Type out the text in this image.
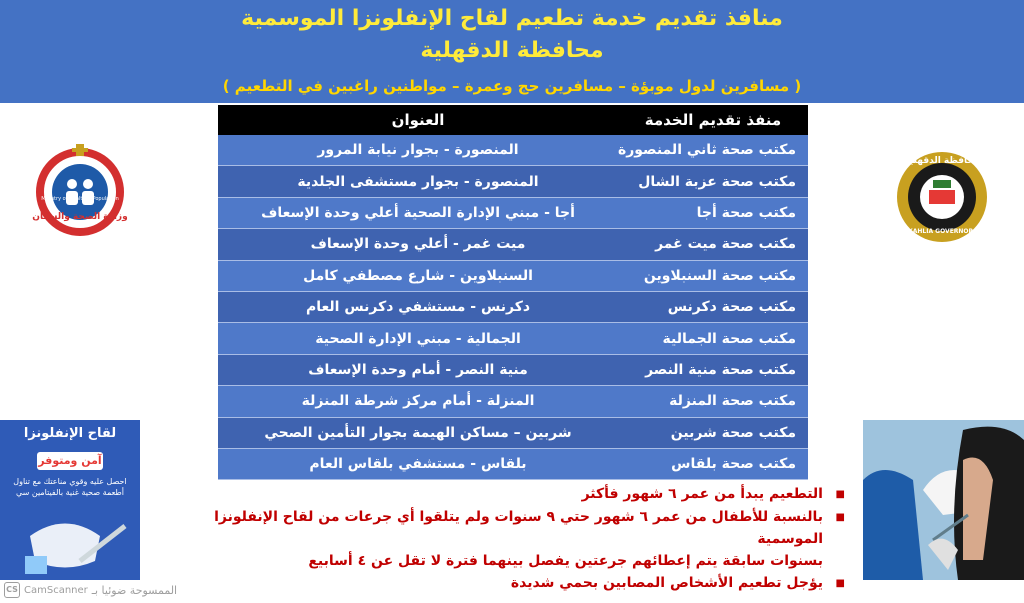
منافذ تقديم خدمة تطعيم لقاح الإنفلونزا الموسمية
محافظة الدقهلية
( مسافرين لدول موبؤة – مسافرين حج وعمرة – مواطنين راغبين في التطعيم )
وزارة الصحة والسكان
Ministry of Health & Population
محافظة الدقهلية
DAKAHLIA GOVERNORATE
منفذ تقديم الخدمة
العنوان
مكتب صحة ثاني المنصورة
المنصورة - بجوار نيابة المرور
مكتب صحة عزبة الشال
المنصورة - بجوار مستشفى الجلدية
مكتب صحة أجا
أجا - مبني الإدارة الصحية أعلي وحدة الإسعاف
مكتب صحة ميت غمر
ميت غمر - أعلي وحدة الإسعاف
مكتب صحة السنبلاوين
السنبلاوين - شارع مصطفي كامل
مكتب صحة دكرنس
دكرنس - مستشفي دكرنس العام
مكتب صحة الجمالية
الجمالية - مبني الإدارة الصحية
مكتب صحة منية النصر
منية النصر - أمام وحدة الإسعاف
مكتب صحة المنزلة
المنزلة - أمام مركز شرطة المنزلة
مكتب صحة شربين
شربين – مساكن الهيمة بجوار التأمين الصحي
مكتب صحة بلقاس
بلقاس - مستشفي بلقاس العام
■
التطعيم يبدأ من عمر ٦ شهور فأكثر
■
بالنسبة للأطفال من عمر ٦ شهور حتي ٩ سنوات ولم يتلقوا أي جرعات من لقاح الإنفلونزا الموسمية
بسنوات سابقة يتم إعطائهم جرعتين يفصل بينهما فترة لا تقل عن ٤ أسابيع
■
يؤجل تطعيم الأشخاص المصابين بحمي شديدة
لقاح الإنفلونزا
آمن ومتوفر
احصل عليه وقوي مناعتك مع تناول أطعمة صحية غنية بالفيتامين سي
CS CamScanner الممسوحة ضوئيا بـ
